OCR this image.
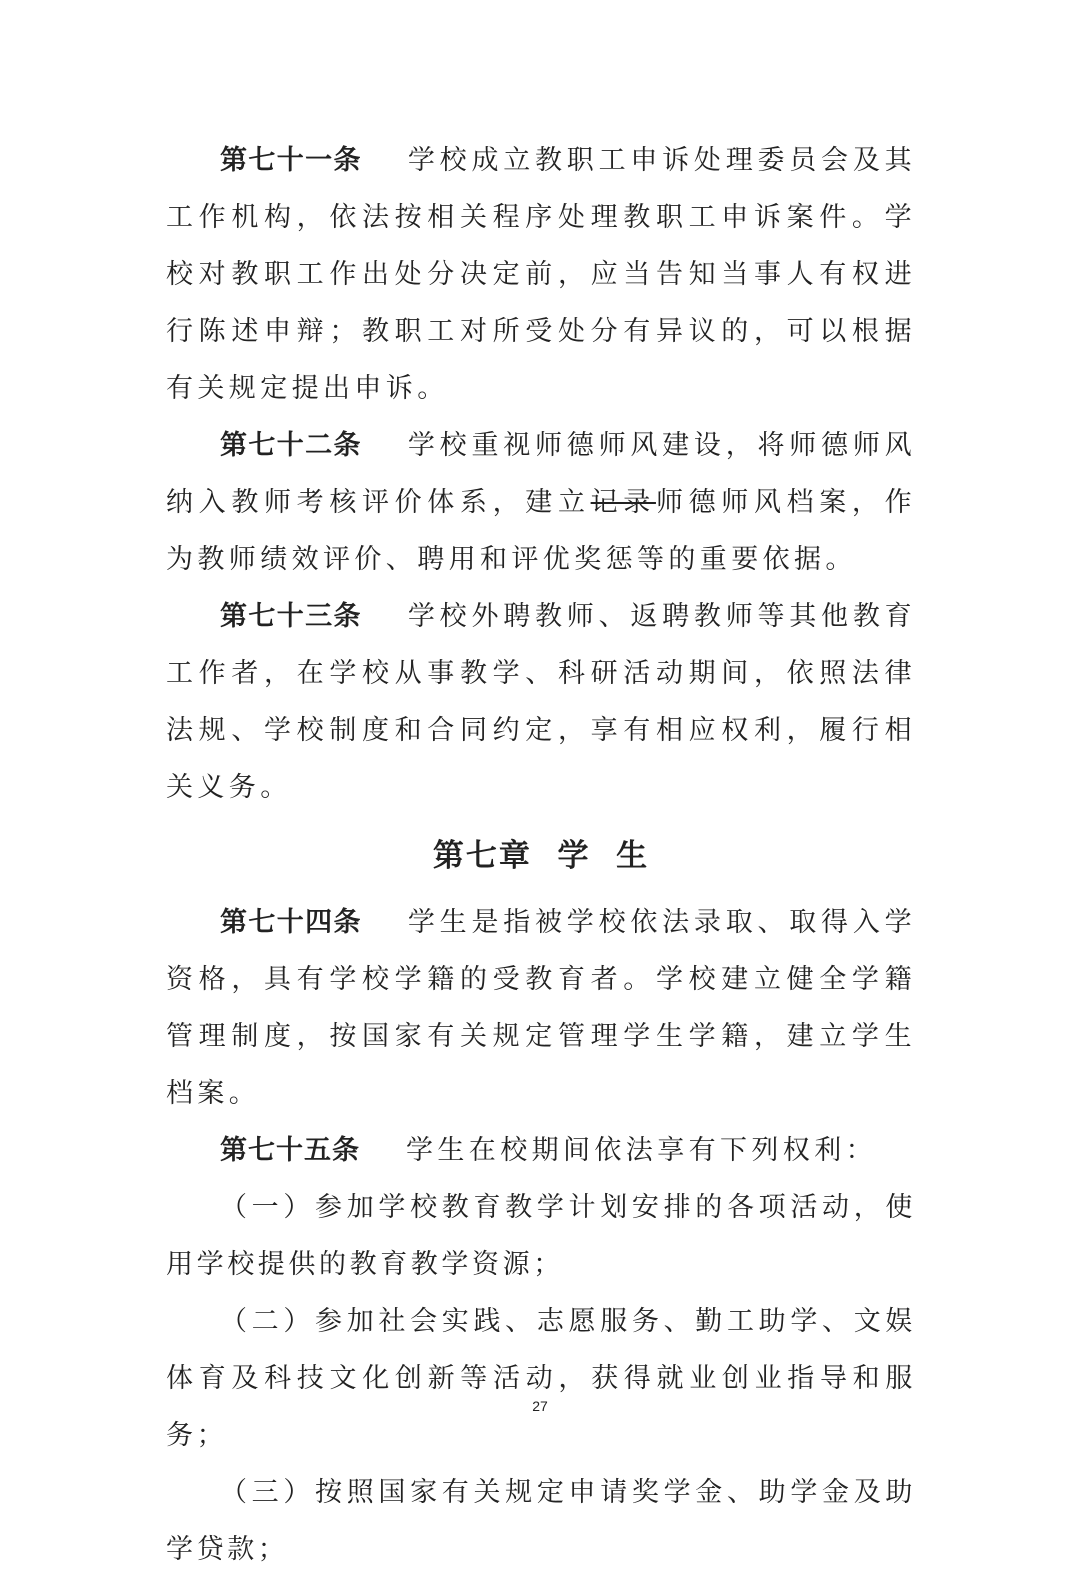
第七十一条 学校成立教职工申诉处理委员会及其工作机构，依法按相关程序处理教职工申诉案件。学校对教职工作出处分决定前，应当告知当事人有权进行陈述申辩；教职工对所受处分有异议的，可以根据有关规定提出申诉。

第七十二条 学校重视师德师风建设，将师德师风纳入教师考核评价体系，建立记录师德师风档案，作为教师绩效评价、聘用和评优奖惩等的重要依据。

第七十三条 学校外聘教师、返聘教师等其他教育工作者，在学校从事教学、科研活动期间，依照法律法规、学校制度和合同约定，享有相应权利，履行相关义务。

第七章  学  生

第七十四条 学生是指被学校依法录取、取得入学资格，具有学校学籍的受教育者。学校建立健全学籍管理制度，按国家有关规定管理学生学籍，建立学生档案。

第七十五条 学生在校期间依法享有下列权利：

（一）参加学校教育教学计划安排的各项活动，使用学校提供的教育教学资源；

（二）参加社会实践、志愿服务、勤工助学、文娱体育及科技文化创新等活动，获得就业创业指导和服务；

（三）按照国家有关规定申请奖学金、助学金及助学贷款；

27
